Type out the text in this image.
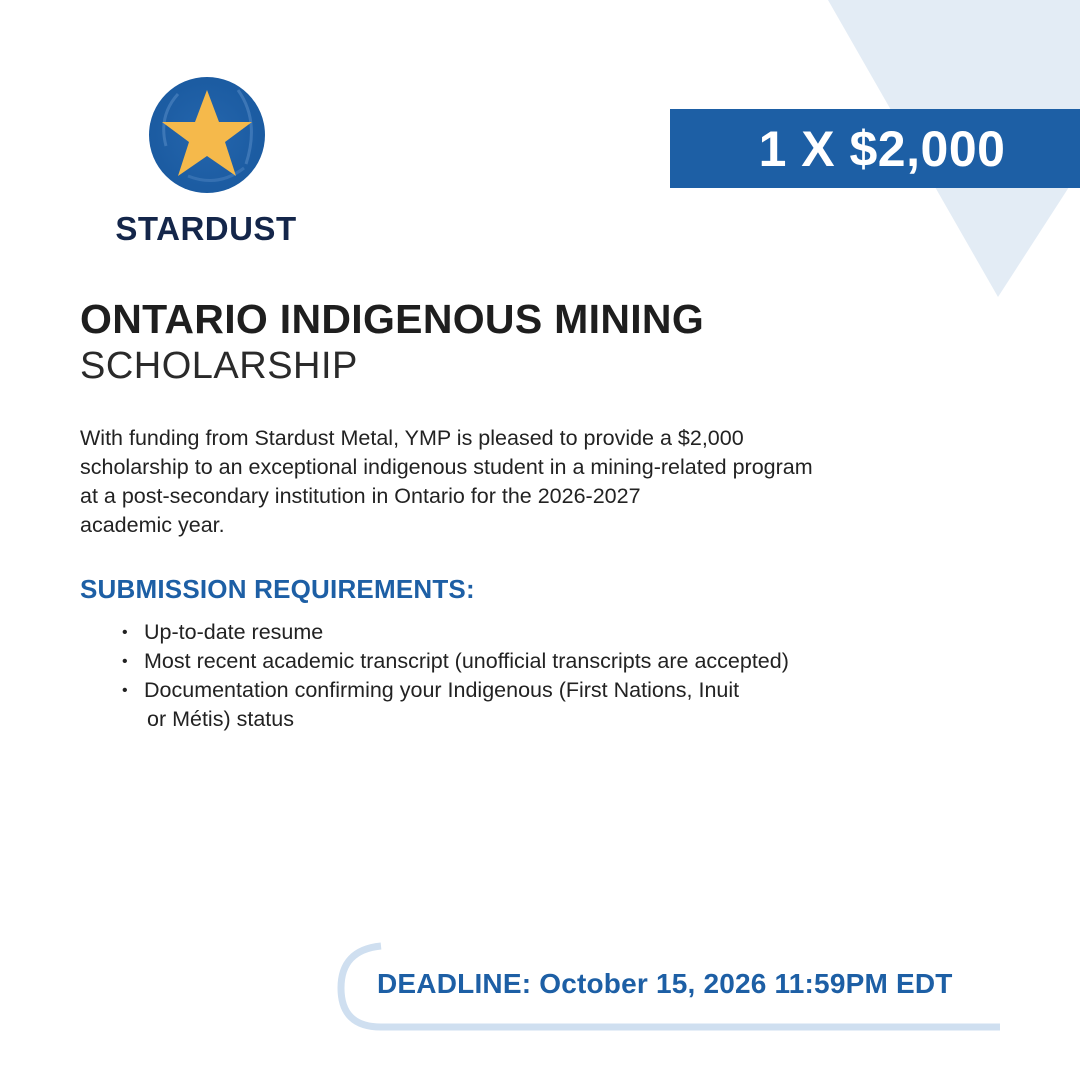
STARDUST
1 X $2,000
ONTARIO INDIGENOUS MINING
SCHOLARSHIP
With funding from Stardust Metal, YMP is pleased to provide a $2,000
scholarship to an exceptional indigenous student in a mining-related program
at a post-secondary institution in Ontario for the 2026-2027
academic year.
SUBMISSION REQUIREMENTS:
• Up-to-date resume
• Most recent academic transcript (unofficial transcripts are accepted)
• Documentation confirming your Indigenous (First Nations, Inuit
or Métis) status
DEADLINE: October 15, 2026 11:59PM EDT
